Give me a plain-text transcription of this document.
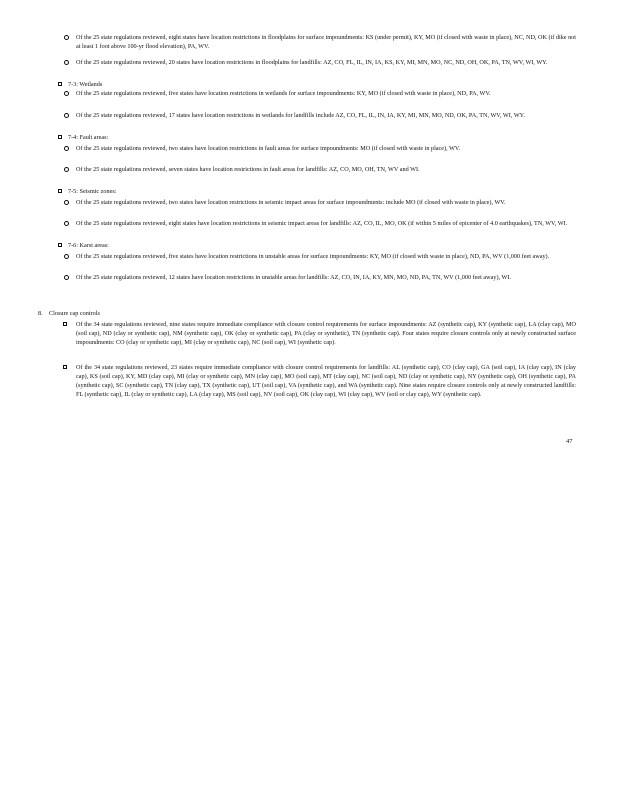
Of the 25 state regulations reviewed, eight states have location restrictions in floodplains for surface impoundments: KS (under permit), KY, MO (if closed with waste in place), NC, ND, OK (if dike not at least 1 foot above 100-yr flood elevation), PA, WV.
Of the 25 state regulations reviewed, 20 states have location restrictions in floodplains for landfills: AZ, CO, FL, IL, IN, IA, KS, KY, MI, MN, MO, NC, ND, OH, OK, PA, TN, WV, WI, WY.
7-3: Wetlands
Of the 25 state regulations reviewed, five states have location restrictions in wetlands for surface impoundments: KY, MO (if closed with waste in place), ND, PA, WV.
Of the 25 state regulations reviewed, 17 states have location restrictions in wetlands for landfills include AZ, CO, FL, IL, IN, IA, KY, MI, MN, MO, ND, OK, PA, TN, WV, WI, WY.
7-4: Fault areas:
Of the 25 state regulations reviewed, two states have location restrictions in fault areas for surface impoundments: MO (if closed with waste in place), WV.
Of the 25 state regulations reviewed, seven states have location restrictions in fault areas for landfills: AZ, CO, MO, OH, TN, WV and WI.
7-5: Seismic zones:
Of the 25 state regulations reviewed, two states have location restrictions in seismic impact areas for surface impoundments: include MO (if closed with waste in place), WV.
Of the 25 state regulations reviewed, eight states have location restrictions in seismic impact areas for landfills: AZ, CO, IL, MO, OK (if within 5 miles of epicenter of 4.0 earthquakes), TN, WV, WI.
7-6: Karst areas:
Of the 25 state regulations reviewed, five states have location restrictions in unstable areas for surface impoundments: KY, MO (if closed with waste in place), ND, PA, WV (1,000 feet away).
Of the 25 state regulations reviewed, 12 states have location restrictions in unstable areas for landfills: AZ, CO, IN, IA, KY, MN, MO, ND, PA, TN, WV (1,000 feet away), WI.
8. Closure cap controls
Of the 34 state regulations reviewed, nine states require immediate compliance with closure control requirements for surface impoundments: AZ (synthetic cap), KY (synthetic cap), LA (clay cap), MO (soil cap), ND (clay or synthetic cap), NM (synthetic cap), OK (clay or synthetic cap), PA (clay or synthetic), TN (synthetic cap). Four states require closure controls only at newly constructed surface impoundments: CO (clay or synthetic cap), MI (clay or synthetic cap), NC (soil cap), WI (synthetic cap).
Of the 34 state regulations reviewed, 23 states require immediate compliance with closure control requirements for landfills: AL (synthetic cap), CO (clay cap), GA (soil cap), IA (clay cap), IN (clay cap), KS (soil cap), KY, MD (clay cap), MI (clay or synthetic cap), MN (clay cap), MO (soil cap), MT (clay cap), NC (soil cap), ND (clay or synthetic cap), NY (synthetic cap), OH (synthetic cap), PA (synthetic cap), SC (synthetic cap), TN (clay cap), TX (synthetic cap), UT (soil cap), VA (synthetic cap), and WA (synthetic cap). Nine states require closure controls only at newly constructed landfills: FL (synthetic cap), IL (clay or synthetic cap), LA (clay cap), MS (soil cap), NV (soil cap), OK (clay cap), WI (clay cap), WV (soil or clay cap), WY (synthetic cap).
47
